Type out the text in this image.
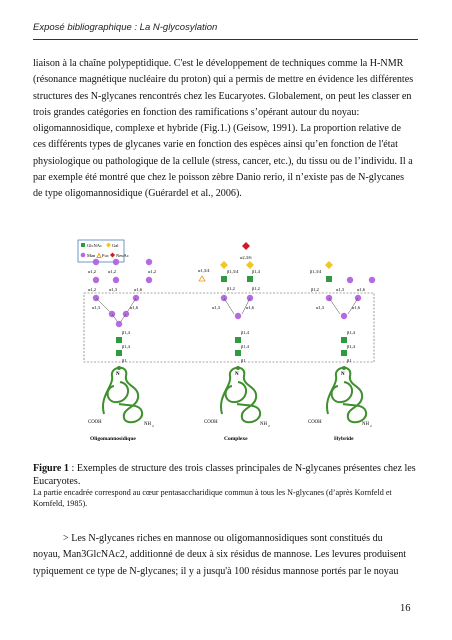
Exposé bibliographique : La N-glycosylation
liaison à la chaîne polypeptidique. C'est le développement de techniques comme la H-NMR
(résonance magnétique nucléaire du proton) qui a permis de mettre en évidence les différentes
structures des N-glycanes rencontrés chez les Eucaryotes. Globalement, on peut les classer en
trois grandes catégories en fonction des ramifications s’opérant autour du noyau:
oligomannosidique, complexe et hybride (Fig.1.) (Geisow, 1991). La proportion relative de
ces différents types de glycanes varie en fonction des espèces ainsi qu’en fonction de l'état
physiologique ou pathologique de la cellule (stress, cancer, etc.), du tissu ou de l’individu. Il a
par exemple été montré que chez le poisson zèbre Danio rerio, il n’existe pas de N-glycanes
de type oligomannosidique (Guérardel et al., 2006).
GlcNAc Gal
Man Fuc NeuAc
α1,2	α1,2	α1,2
α1,2	α1,3	α1,6
α1,3	α1,6
β1,4
β1,4
β1
α2,3/6
β1,3/4	β1,4
α1,3/4
β1,2	β1,2
α1,3	α1,6
β1,4
β1,4
β1
β1,3/4
β1,2	α1,3	α1,6
α1,3	α1,6
β1,4
β1,4
β1
N	N	N
COOH	NH 2
COOH	NH 2
COOH	NH 2
Oligomannosidique	Complexe	Hybride
Figure 1 : Exemples de structure des trois classes principales de N-glycanes présentes chez les Eucaryotes.
La partie encadrée correspond au cœur pentasaccharidique commun à tous les N-glycanes (d’après Kornfeld et Kornfeld, 1985).
> Les N-glycanes riches en mannose ou oligomannosidiques sont constitués du
noyau, Man3GlcNAc2, additionné de deux à six résidus de mannose. Les levures produisent
typiquement ce type de N-glycanes; il y a jusqu'à 100 résidus mannose portés par le noyau
16
